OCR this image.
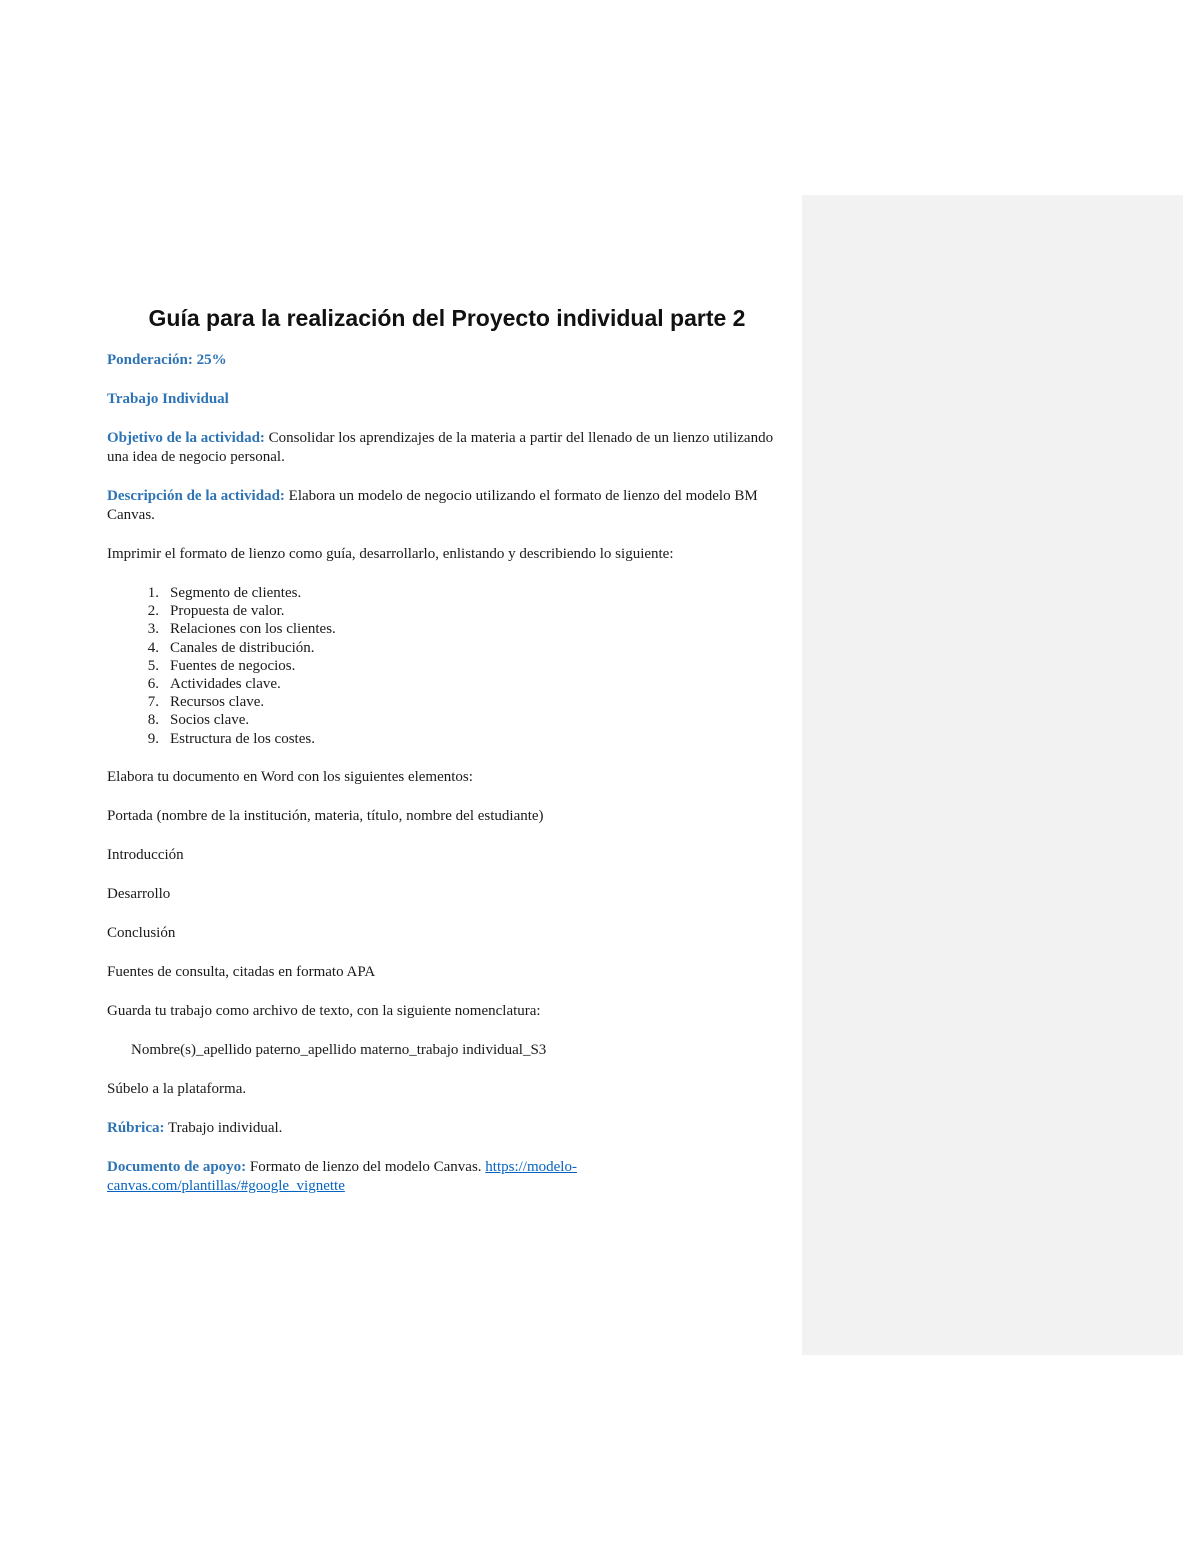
Guía para la realización del Proyecto individual parte 2

Ponderación: 25%

Trabajo Individual

Objetivo de la actividad: Consolidar los aprendizajes de la materia a partir del llenado de un lienzo utilizando una idea de negocio personal.

Descripción de la actividad: Elabora un modelo de negocio utilizando el formato de lienzo del modelo BM Canvas.

Imprimir el formato de lienzo como guía, desarrollarlo, enlistando y describiendo lo siguiente:

1 . Segmento de clientes.
2 . Propuesta de valor.
3 . Relaciones con los clientes.
4 . Canales de distribución.
5 . Fuentes de negocios.
6 . Actividades clave.
7 . Recursos clave.
8 . Socios clave.
9 . Estructura de los costes.

Elabora tu documento en Word con los siguientes elementos:

Portada (nombre de la institución, materia, título, nombre del estudiante)

Introducción

Desarrollo

Conclusión

Fuentes de consulta, citadas en formato APA

Guarda tu trabajo como archivo de texto, con la siguiente nomenclatura:

Nombre(s)_apellido paterno_apellido materno_trabajo individual_S3

Súbelo a la plataforma.

Rúbrica: Trabajo individual.

Documento de apoyo: Formato de lienzo del modelo Canvas. https://modelo-canvas.com/plantillas/#google_vignette
